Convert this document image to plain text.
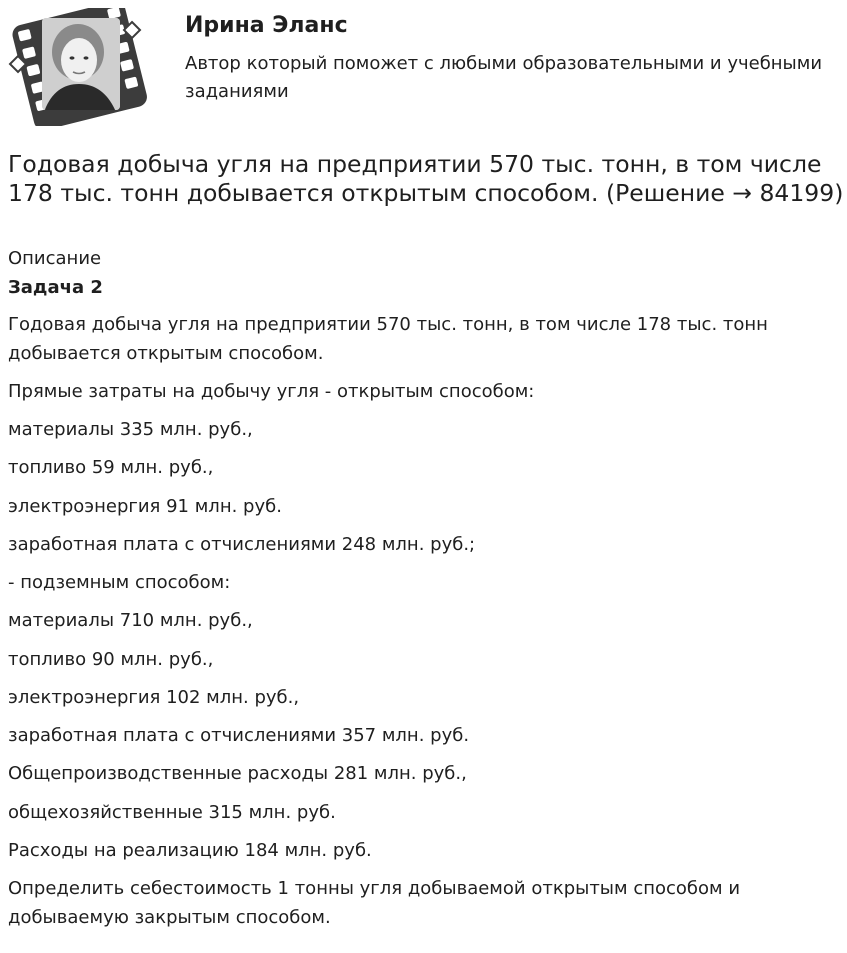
Ирина Эланс
Автор который поможет с любыми образовательными и учебными заданиями
Годовая добыча угля на предприятии 570 тыс. тонн, в том числе 178 тыс. тонн добывается открытым способом. (Решение → 84199)
Описание
Задача 2

Годовая добыча угля на предприятии 570 тыс. тонн, в том числе 178 тыс. тонн добывается открытым способом.

Прямые затраты на добычу угля - открытым способом:

материалы 335 млн. руб.,

топливо 59 млн. руб.,

электроэнергия 91 млн. руб.

заработная плата с отчислениями 248 млн. руб.;

- подземным способом:

материалы 710 млн. руб.,

топливо 90 млн. руб.,

электроэнергия 102 млн. руб.,

заработная плата с отчислениями 357 млн. руб.

Общепроизводственные расходы 281 млн. руб.,

общехозяйственные 315 млн. руб.

Расходы на реализацию 184 млн. руб.

Определить себестоимость 1 тонны угля добываемой открытым способом и добываемую закрытым способом.
